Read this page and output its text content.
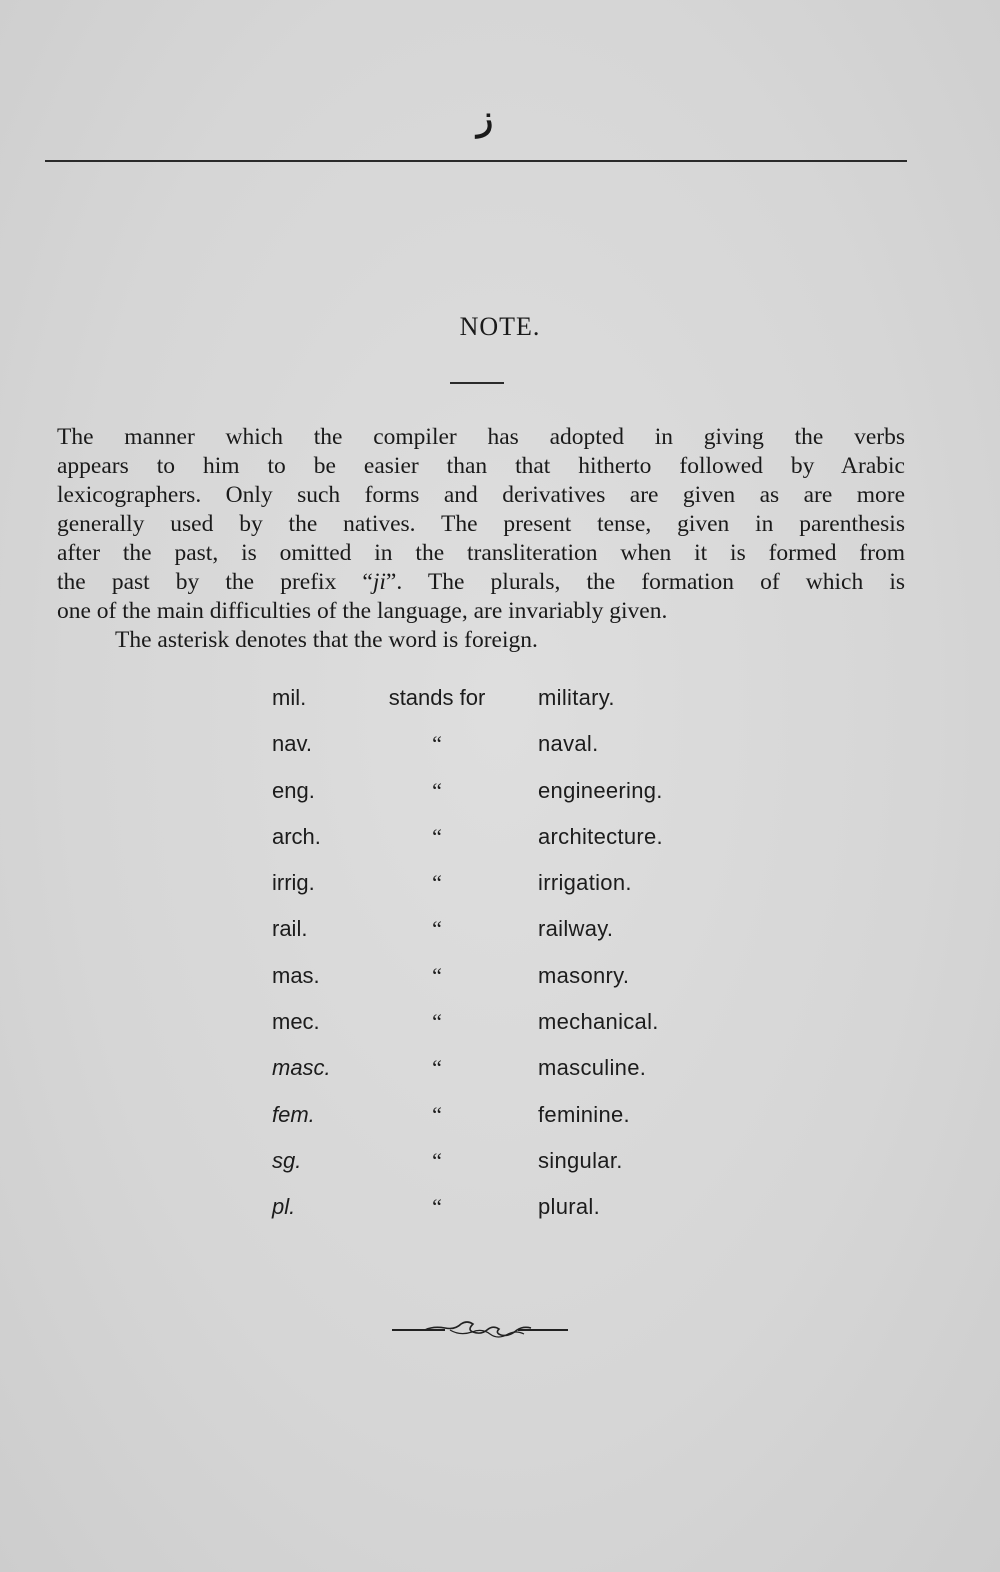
ز
NOTE.
The manner which the compiler has adopted in giving the verbs
appears to him to be easier than that hitherto followed by Arabic
lexicographers. Only such forms and derivatives are given as are more
generally used by the natives. The present tense, given in parenthesis
after the past, is omitted in the transliteration when it is formed from
the past by the prefix “ji”. The plurals, the formation of which is
one of the main difficulties of the language, are invariably given.
The asterisk denotes that the word is foreign.
mil.	stands for	military.
nav.	“	naval.
eng.	“	engineering.
arch.	“	architecture.
irrig.	“	irrigation.
rail.	“	railway.
mas.	“	masonry.
mec.	“	mechanical.
masc.	“	masculine.
fem.	“	feminine.
sg.	“	singular.
pl.	“	plural.
